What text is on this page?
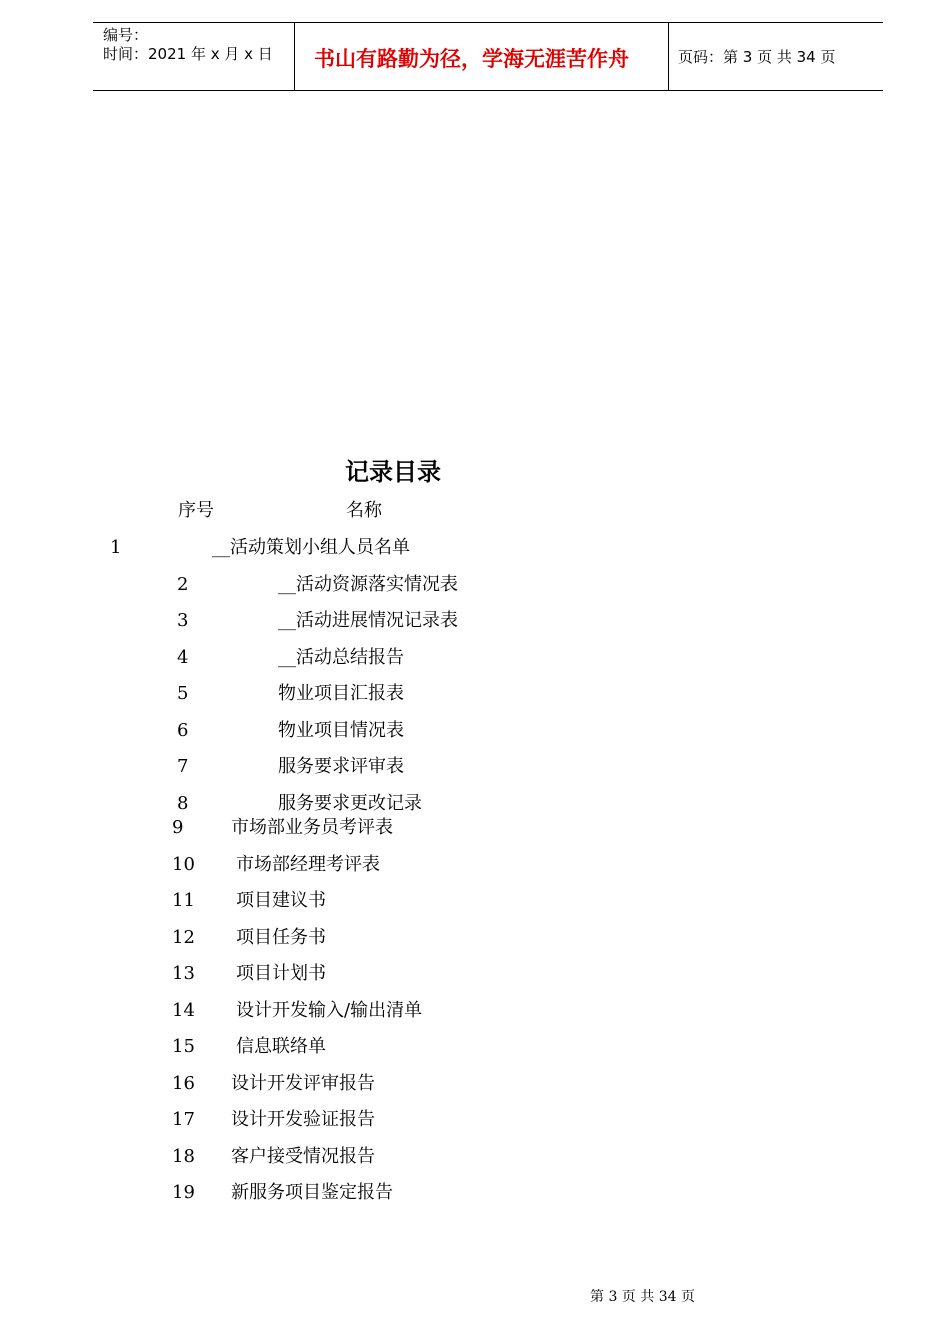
编号：
时间：2021 年 x 月 x 日 书山有路勤为径，学海无涯苦作舟	页码：第 3 页 共 34 页
记录目录
序号	名称
1	__活动策划小组人员名单
2	__活动资源落实情况表
3	__活动进展情况记录表
4	__活动总结报告
5	物业项目汇报表
6	物业项目情况表
7	服务要求评审表
8	服务要求更改记录
9	市场部业务员考评表
10 市场部经理考评表
11 项目建议书
12 项目任务书
13 项目计划书
14 设计开发输入/输出清单
15 信息联络单
16 设计开发评审报告
17 设计开发验证报告
18 客户接受情况报告
19 新服务项目鉴定报告
第 3 页 共 34 页
